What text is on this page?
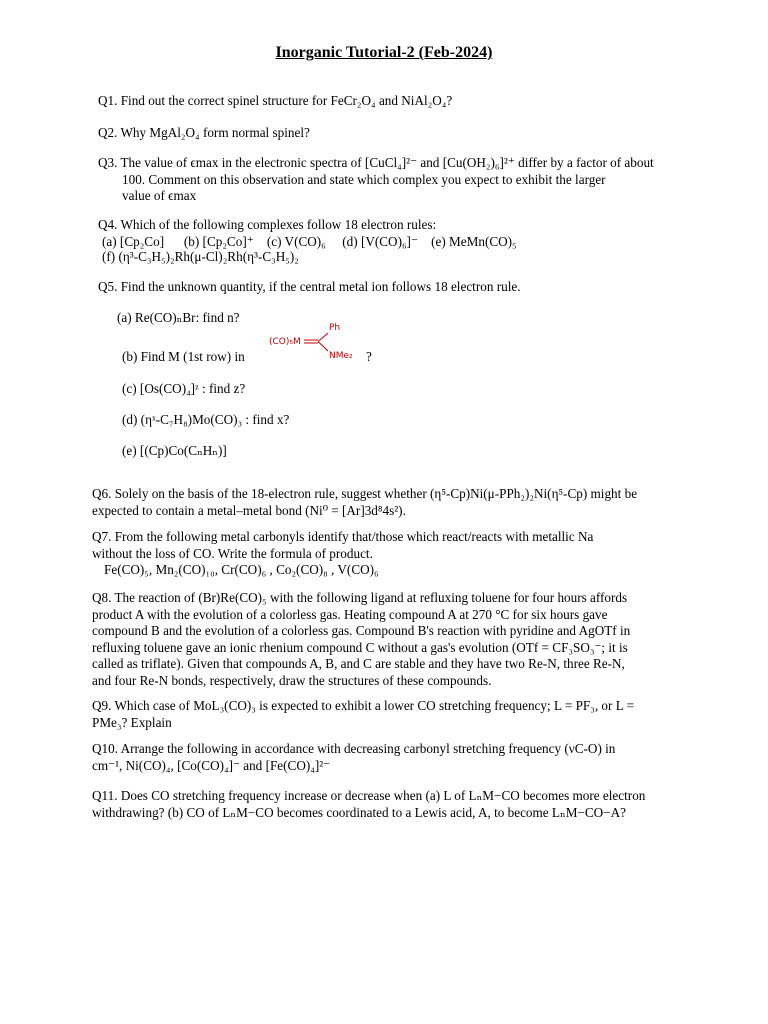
Inorganic Tutorial-2 (Feb-2024)
Q1. Find out the correct spinel structure for FeCr₂O₄ and NiAl₂O₄?
Q2. Why MgAl₂O₄ form normal spinel?
Q3. The value of ϵmax in the electronic spectra of [CuCl₄]²⁻ and [Cu(OH₂)₆]²⁺ differ by a factor of about
100. Comment on this observation and state which complex you expect to exhibit the larger
value of ϵmax
Q4. Which of the following complexes follow 18 electron rules:
(a) [Cp₂Co] (b) [Cp₂Co]⁺ (c) V(CO)₆ (d) [V(CO)₆]⁻ (e) MeMn(CO)₅
(f) (η³-C₃H₅)₂Rh(μ-Cl)₂Rh(η³-C₃H₅)₂
Q5. Find the unknown quantity, if the central metal ion follows 18 electron rule.
(a) Re(CO)ₙBr: find n?
(b) Find M (1st row) in
(CO)₅M
Ph
NMe₂ ?
(c) [Os(CO)₄]ᶻ : find z?
(d) (ηˣ-C₇H₈)Mo(CO)₃ : find x?
(e) [(Cp)Co(CₙHₙ)]
Q6. Solely on the basis of the 18-electron rule, suggest whether (η⁵-Cp)Ni(μ-PPh₂)₂Ni(η⁵-Cp) might be
expected to contain a metal–metal bond (Ni⁰ = [Ar]3d⁸4s²).
Q7. From the following metal carbonyls identify that/those which react/reacts with metallic Na
without the loss of CO. Write the formula of product.
Fe(CO)₅, Mn₂(CO)₁₀, Cr(CO)₆ , Co₂(CO)₈ , V(CO)₆
Q8. The reaction of (Br)Re(CO)₅ with the following ligand at refluxing toluene for four hours affords
product A with the evolution of a colorless gas. Heating compound A at 270 °C for six hours gave
compound B and the evolution of a colorless gas. Compound B's reaction with pyridine and AgOTf in
refluxing toluene gave an ionic rhenium compound C without a gas's evolution (OTf = CF₃SO₃⁻; it is
called as triflate). Given that compounds A, B, and C are stable and they have two Re-N, three Re-N,
and four Re-N bonds, respectively, draw the structures of these compounds.
Q9. Which case of MoL₃(CO)₃ is expected to exhibit a lower CO stretching frequency; L = PF₃, or L =
PMe₃? Explain
Q10. Arrange the following in accordance with decreasing carbonyl stretching frequency (νC-O) in
cm⁻¹, Ni(CO)₄, [Co(CO)₄]⁻ and [Fe(CO)₄]²⁻
Q11. Does CO stretching frequency increase or decrease when (a) L of LₙM−CO becomes more electron
withdrawing? (b) CO of LₙM−CO becomes coordinated to a Lewis acid, A, to become LₙM−CO−A?
